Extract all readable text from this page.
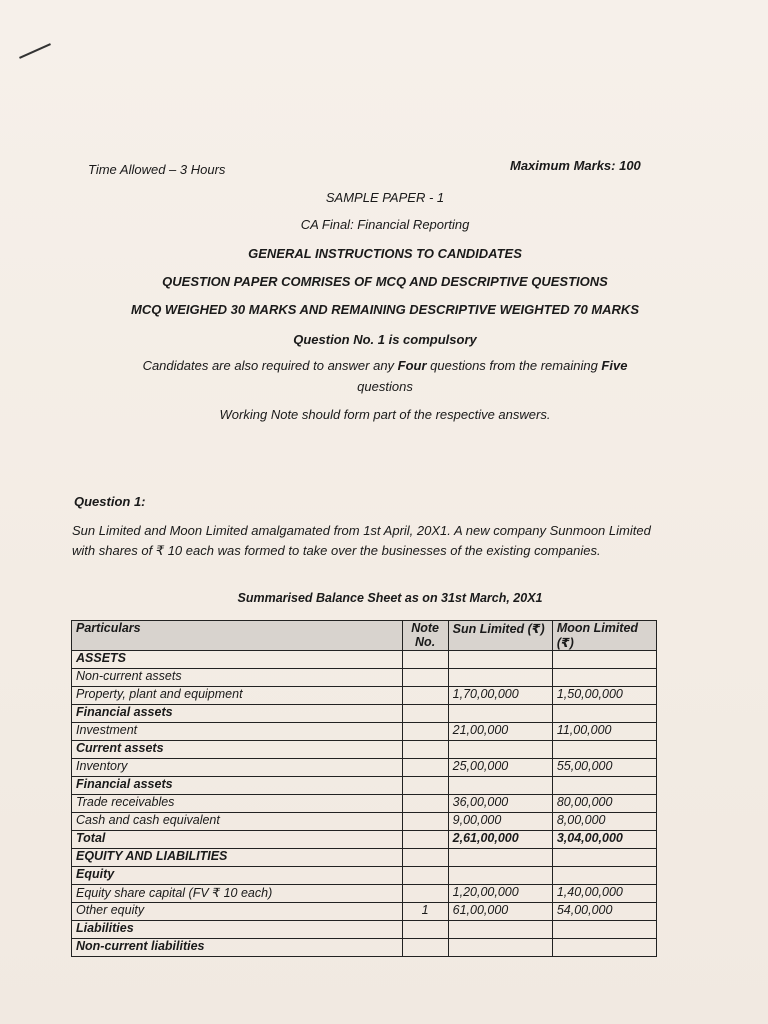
Time Allowed – 3 Hours	Maximum Marks: 100
SAMPLE PAPER - 1
CA Final: Financial Reporting
GENERAL INSTRUCTIONS TO CANDIDATES
QUESTION PAPER COMRISES OF MCQ AND DESCRIPTIVE QUESTIONS
MCQ WEIGHED 30 MARKS AND REMAINING DESCRIPTIVE WEIGHTED 70 MARKS
Question No. 1 is compulsory
Candidates are also required to answer any Four questions from the remaining Five
questions
Working Note should form part of the respective answers.
Question 1:
Sun Limited and Moon Limited amalgamated from 1st April, 20X1. A new company Sunmoon Limited with shares of ₹ 10 each was formed to take over the businesses of the existing companies.
Summarised Balance Sheet as on 31st March, 20X1
Particulars	Note No.	Sun Limited (₹)	Moon Limited (₹)
ASSETS			
Non-current assets			
Property, plant and equipment		1,70,00,000	1,50,00,000
Financial assets			
Investment		21,00,000	11,00,000
Current assets			
Inventory		25,00,000	55,00,000
Financial assets			
Trade receivables		36,00,000	80,00,000
Cash and cash equivalent		9,00,000	8,00,000
Total		2,61,00,000	3,04,00,000
EQUITY AND LIABILITIES			
Equity			
Equity share capital (FV ₹ 10 each)		1,20,00,000	1,40,00,000
Other equity	1	61,00,000	54,00,000
Liabilities			
Non-current liabilities			
